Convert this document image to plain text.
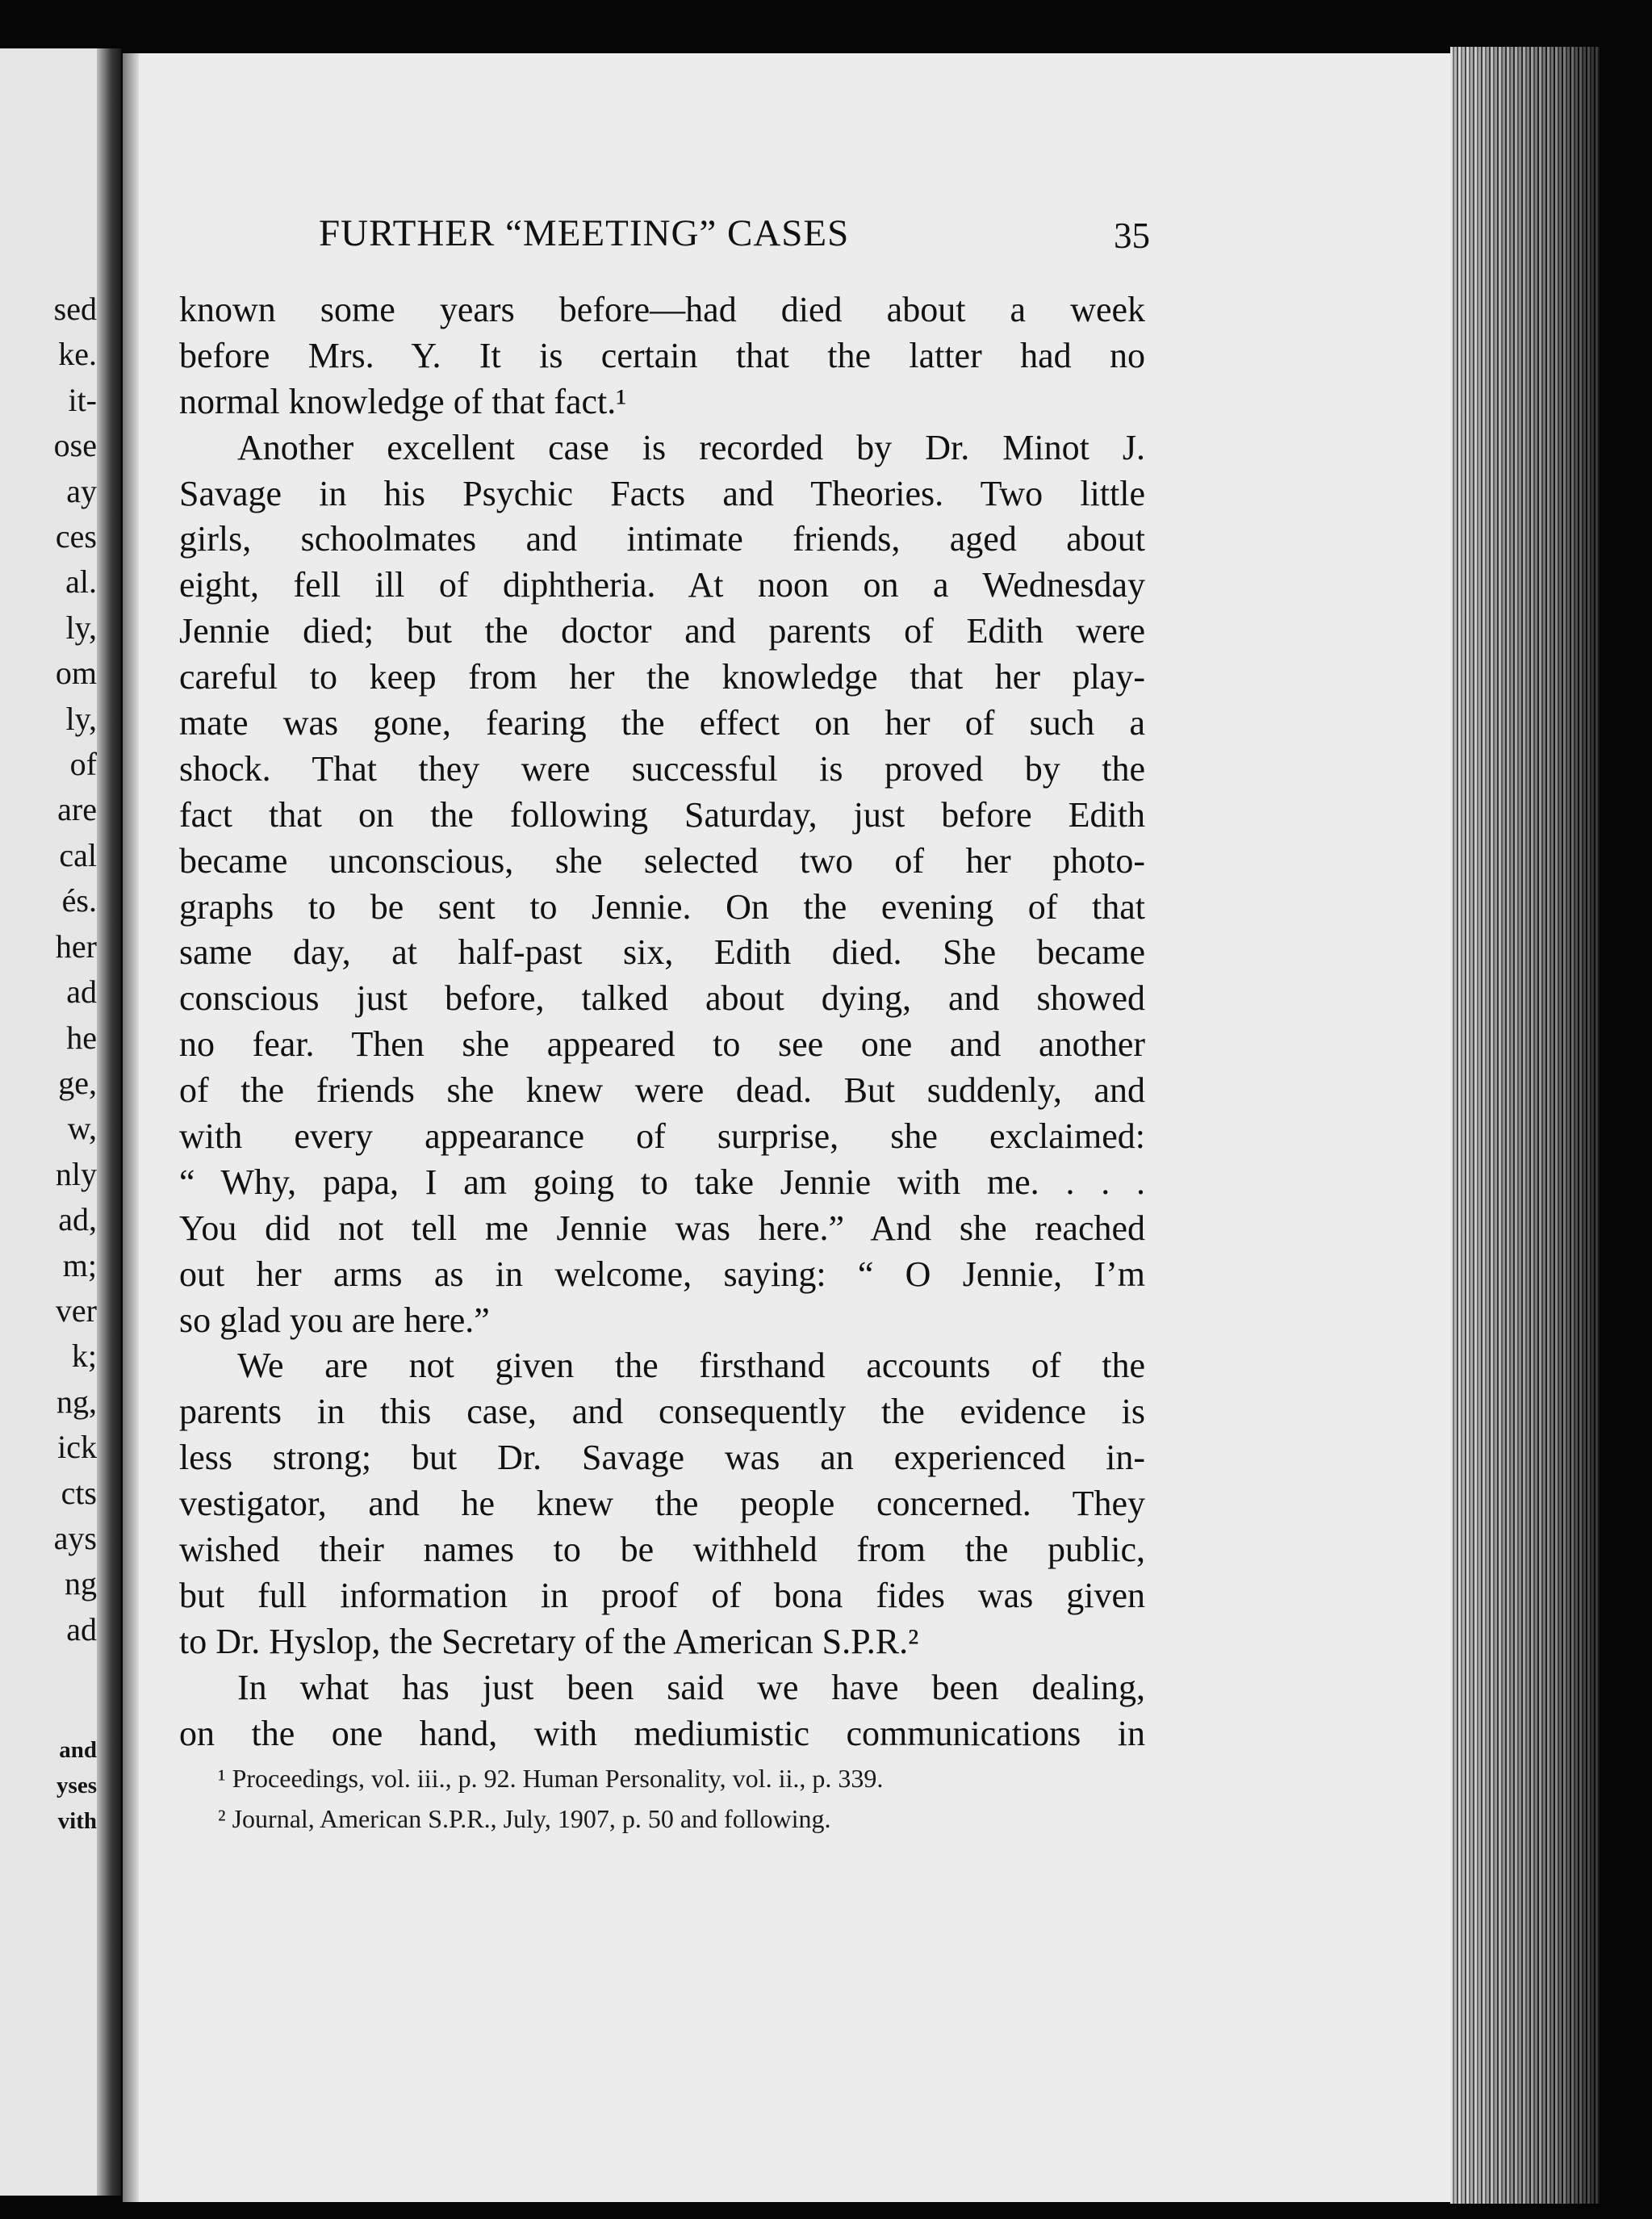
sed
ke.
it-
ose
ay
ces
al.
ly,
om
ly,
of
are
cal
és.
her
ad
he
ge,
w,
nly
ad,
m;
ver
k;
ng,
ick
cts
ays
ng
ad
and
yses
vith
FURTHER “MEETING” CASES	35
known some years before—had died about a week
before Mrs. Y. It is certain that the latter had no
normal knowledge of that fact.¹
Another excellent case is recorded by Dr. Minot J.
Savage in his Psychic Facts and Theories. Two little
girls, schoolmates and intimate friends, aged about
eight, fell ill of diphtheria. At noon on a Wednesday
Jennie died; but the doctor and parents of Edith were
careful to keep from her the knowledge that her play-
mate was gone, fearing the effect on her of such a
shock. That they were successful is proved by the
fact that on the following Saturday, just before Edith
became unconscious, she selected two of her photo-
graphs to be sent to Jennie. On the evening of that
same day, at half-past six, Edith died. She became
conscious just before, talked about dying, and showed
no fear. Then she appeared to see one and another
of the friends she knew were dead. But suddenly, and
with every appearance of surprise, she exclaimed:
“ Why, papa, I am going to take Jennie with me. . . .
You did not tell me Jennie was here.” And she reached
out her arms as in welcome, saying: “ O Jennie, I’m
so glad you are here.”
We are not given the firsthand accounts of the
parents in this case, and consequently the evidence is
less strong; but Dr. Savage was an experienced in-
vestigator, and he knew the people concerned. They
wished their names to be withheld from the public,
but full information in proof of bona fides was given
to Dr. Hyslop, the Secretary of the American S.P.R.²
In what has just been said we have been dealing,
on the one hand, with mediumistic communications in
¹ Proceedings, vol. iii., p. 92. Human Personality, vol. ii., p. 339.
² Journal, American S.P.R., July, 1907, p. 50 and following.
